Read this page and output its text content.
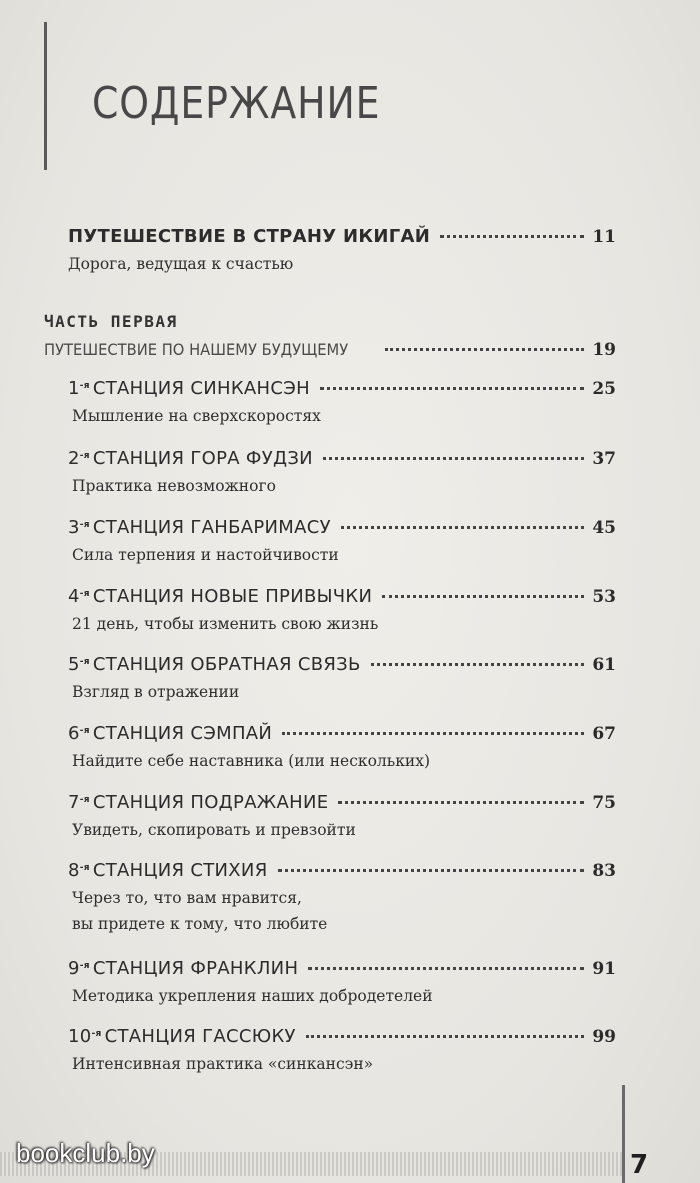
СОДЕРЖАНИЕ
ПУТЕШЕСТВИЕ В СТРАНУ ИКИГАЙ	11
Дорога, ведущая к счастью
ЧАСТЬ ПЕРВАЯ
ПУТЕШЕСТВИЕ ПО НАШЕМУ БУДУЩЕМУ	19
$1^{-я}$ СТАНЦИЯ СИНКАНСЭН	25
Мышление на сверхскоростях
$2^{-я}$ СТАНЦИЯ ГОРА ФУДЗИ	37
Практика невозможного
$3^{-я}$ СТАНЦИЯ ГАНБАРИМАСУ	45
Сила терпения и настойчивости
$4^{-я}$ СТАНЦИЯ НОВЫЕ ПРИВЫЧКИ	53
21 день, чтобы изменить свою жизнь
$5^{-я}$ СТАНЦИЯ ОБРАТНАЯ СВЯЗЬ	61
Взгляд в отражении
$6^{-я}$ СТАНЦИЯ СЭМПАЙ	67
Найдите себе наставника (или нескольких)
$7^{-я}$ СТАНЦИЯ ПОДРАЖАНИЕ	75
Увидеть, скопировать и превзойти
$8^{-я}$ СТАНЦИЯ СТИХИЯ	83
Через то, что вам нравится,
вы придете к тому, что любите
$9^{-я}$ СТАНЦИЯ ФРАНКЛИН	91
Методика укрепления наших добродетелей
$10^{-я}$ СТАНЦИЯ ГАССЮКУ	99
Интенсивная практика «синкансэн»
7
bookclub.by
